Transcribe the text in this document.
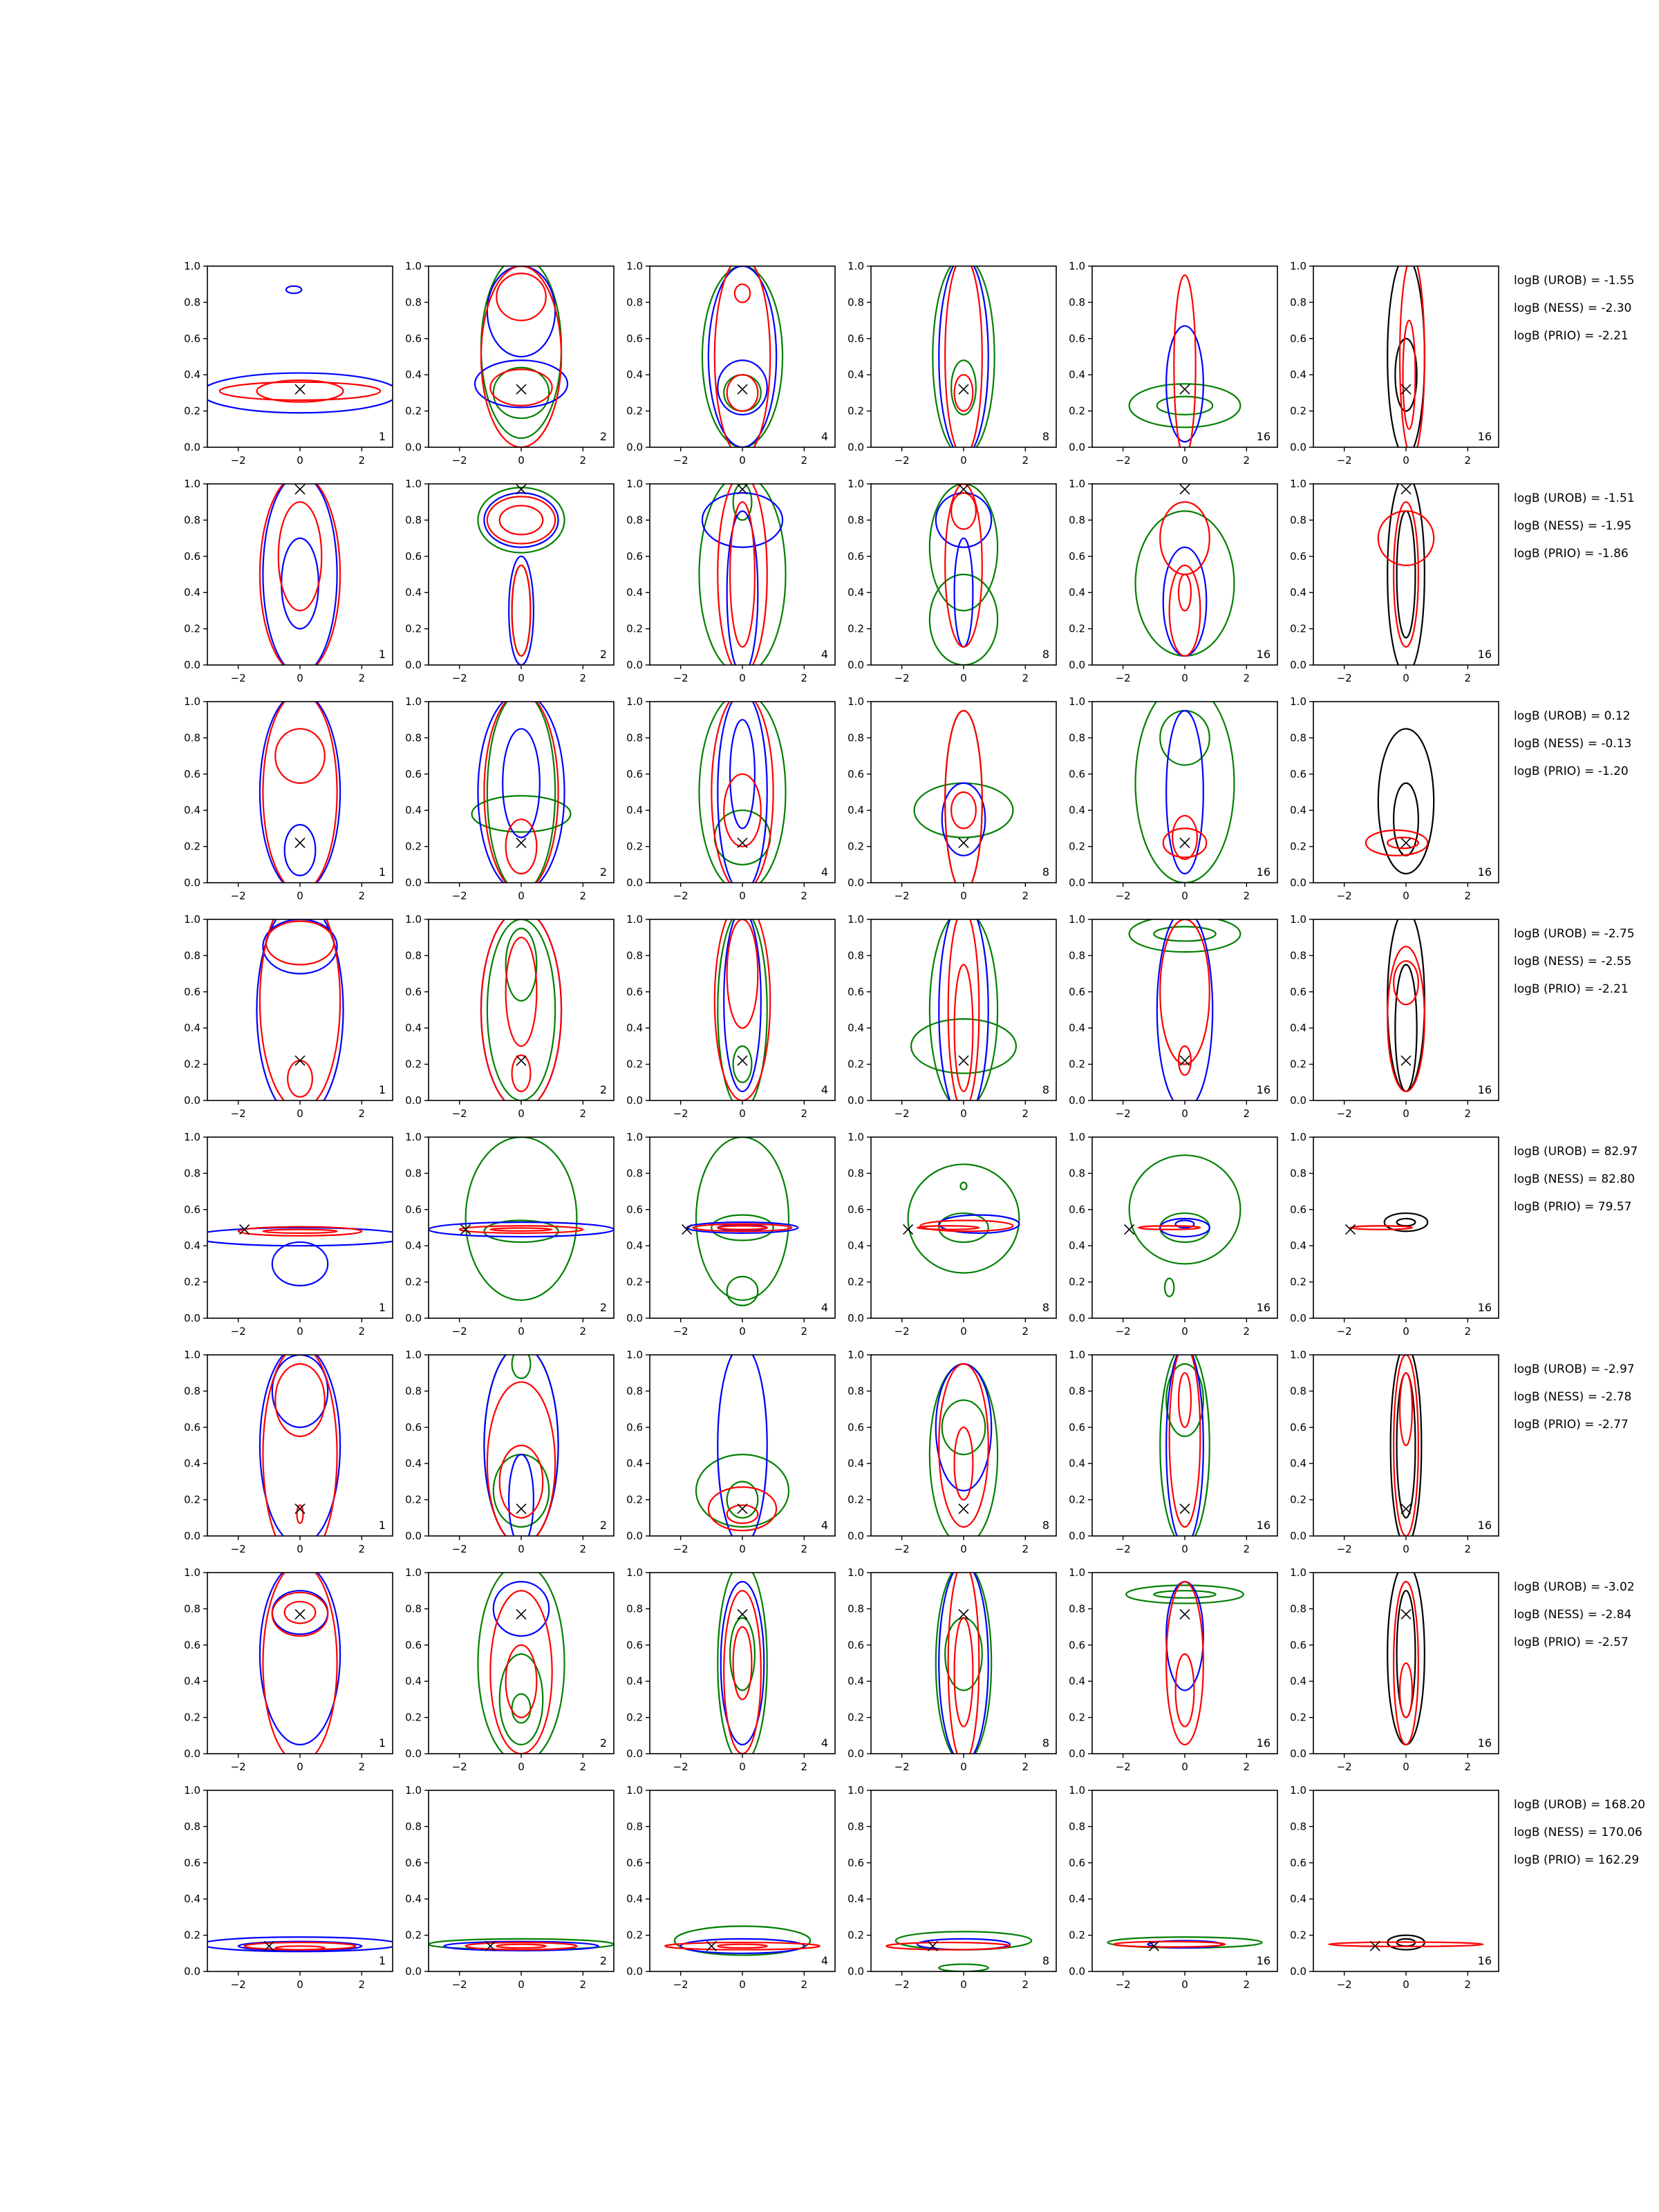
0.0
0.2
0.4
0.6
0.8
1.0
−2	0	2
1
0.0
0.2
0.4
0.6
0.8
1.0
−2	0	2
2
0.0
0.2
0.4
0.6
0.8
1.0
−2	0	2
4
0.0
0.2
0.4
0.6
0.8
1.0
−2	0	2
8
0.0
0.2
0.4
0.6
0.8
1.0
−2	0	2
16
0.0
0.2
0.4
0.6
0.8
1.0
−2	0	2
16
logB (UROB) = -1.55
logB (NESS) = -2.30
logB (PRIO) = -2.21
0.0
0.2
0.4
0.6
0.8
1.0
−2	0	2
1
0.0
0.2
0.4
0.6
0.8
1.0
−2	0	2
2
0.0
0.2
0.4
0.6
0.8
1.0
−2	0	2
4
0.0
0.2
0.4
0.6
0.8
1.0
−2	0	2
8
0.0
0.2
0.4
0.6
0.8
1.0
−2	0	2
16
0.0
0.2
0.4
0.6
0.8
1.0
−2	0	2
16
logB (UROB) = -1.51
logB (NESS) = -1.95
logB (PRIO) = -1.86
0.0
0.2
0.4
0.6
0.8
1.0
−2	0	2
1
0.0
0.2
0.4
0.6
0.8
1.0
−2	0	2
2
0.0
0.2
0.4
0.6
0.8
1.0
−2	0	2
4
0.0
0.2
0.4
0.6
0.8
1.0
−2	0	2
8
0.0
0.2
0.4
0.6
0.8
1.0
−2	0	2
16
0.0
0.2
0.4
0.6
0.8
1.0
−2	0	2
16
logB (UROB) = 0.12
logB (NESS) = -0.13
logB (PRIO) = -1.20
0.0
0.2
0.4
0.6
0.8
1.0
−2	0	2
1
0.0
0.2
0.4
0.6
0.8
1.0
−2	0	2
2
0.0
0.2
0.4
0.6
0.8
1.0
−2	0	2
4
0.0
0.2
0.4
0.6
0.8
1.0
−2	0	2
8
0.0
0.2
0.4
0.6
0.8
1.0
−2	0	2
16
0.0
0.2
0.4
0.6
0.8
1.0
−2	0	2
16
logB (UROB) = -2.75
logB (NESS) = -2.55
logB (PRIO) = -2.21
0.0
0.2
0.4
0.6
0.8
1.0
−2	0	2
1
0.0
0.2
0.4
0.6
0.8
1.0
−2	0	2
2
0.0
0.2
0.4
0.6
0.8
1.0
−2	0	2
4
0.0
0.2
0.4
0.6
0.8
1.0
−2	0	2
8
0.0
0.2
0.4
0.6
0.8
1.0
−2	0	2
16
0.0
0.2
0.4
0.6
0.8
1.0
−2	0	2
16
logB (UROB) = 82.97
logB (NESS) = 82.80
logB (PRIO) = 79.57
0.0
0.2
0.4
0.6
0.8
1.0
−2	0	2
1
0.0
0.2
0.4
0.6
0.8
1.0
−2	0	2
2
0.0
0.2
0.4
0.6
0.8
1.0
−2	0	2
4
0.0
0.2
0.4
0.6
0.8
1.0
−2	0	2
8
0.0
0.2
0.4
0.6
0.8
1.0
−2	0	2
16
0.0
0.2
0.4
0.6
0.8
1.0
−2	0	2
16
logB (UROB) = -2.97
logB (NESS) = -2.78
logB (PRIO) = -2.77
0.0
0.2
0.4
0.6
0.8
1.0
−2	0	2
1
0.0
0.2
0.4
0.6
0.8
1.0
−2	0	2
2
0.0
0.2
0.4
0.6
0.8
1.0
−2	0	2
4
0.0
0.2
0.4
0.6
0.8
1.0
−2	0	2
8
0.0
0.2
0.4
0.6
0.8
1.0
−2	0	2
16
0.0
0.2
0.4
0.6
0.8
1.0
−2	0	2
16
logB (UROB) = -3.02
logB (NESS) = -2.84
logB (PRIO) = -2.57
0.0
0.2
0.4
0.6
0.8
1.0
−2	0	2
1
0.0
0.2
0.4
0.6
0.8
1.0
−2	0	2
2
0.0
0.2
0.4
0.6
0.8
1.0
−2	0	2
4
0.0
0.2
0.4
0.6
0.8
1.0
−2	0	2
8
0.0
0.2
0.4
0.6
0.8
1.0
−2	0	2
16
0.0
0.2
0.4
0.6
0.8
1.0
−2	0	2
16
logB (UROB) = 168.20
logB (NESS) = 170.06
logB (PRIO) = 162.29
